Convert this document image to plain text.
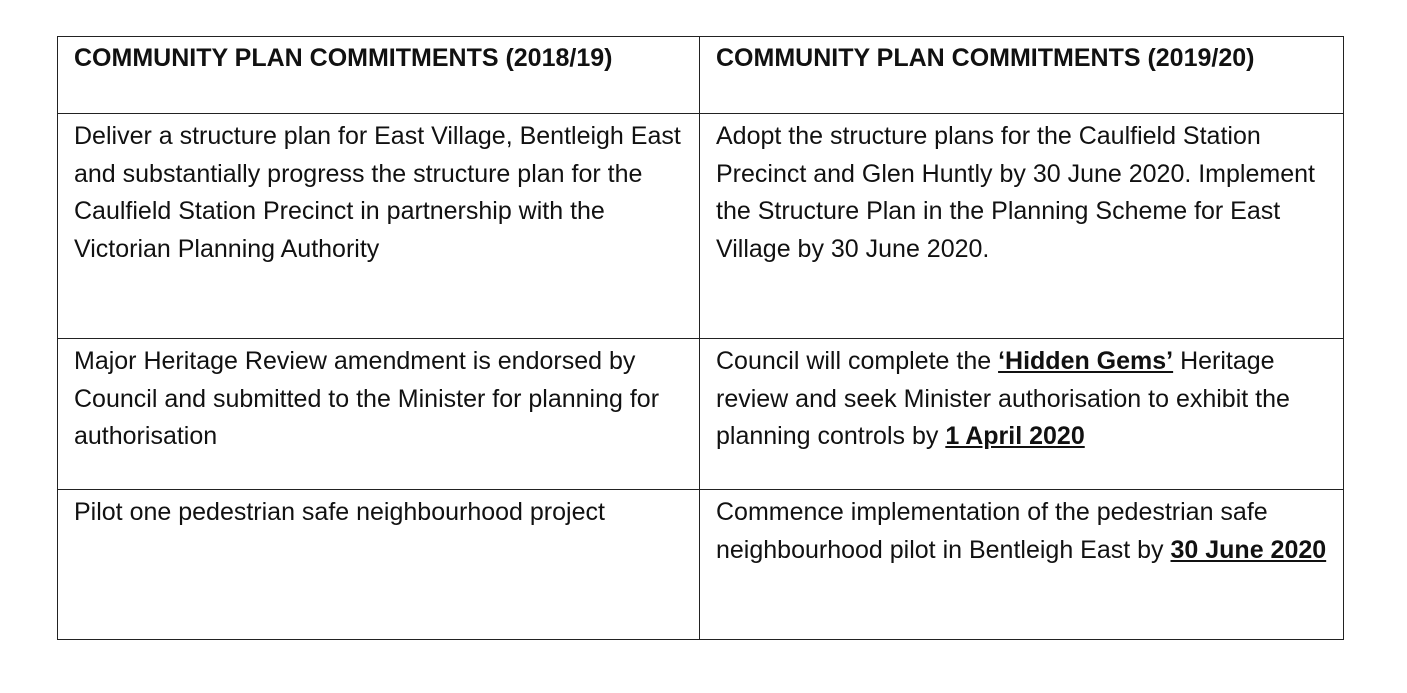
COMMUNITY PLAN COMMITMENTS (2018/19)	COMMUNITY PLAN COMMITMENTS (2019/20)
Deliver a structure plan for East Village, Bentleigh East and substantially progress the structure plan for the Caulfield Station Precinct in partnership with the Victorian Planning Authority	Adopt the structure plans for the Caulfield Station Precinct and Glen Huntly by 30 June 2020. Implement the Structure Plan in the Planning Scheme for East Village by 30 June 2020.
Major Heritage Review amendment is endorsed by Council and submitted to the Minister for planning for authorisation	Council will complete the ‘Hidden Gems’ Heritage review and seek Minister authorisation to exhibit the planning controls by 1 April 2020
Pilot one pedestrian safe neighbourhood project	Commence implementation of the pedestrian safe neighbourhood pilot in Bentleigh East by 30 June 2020
